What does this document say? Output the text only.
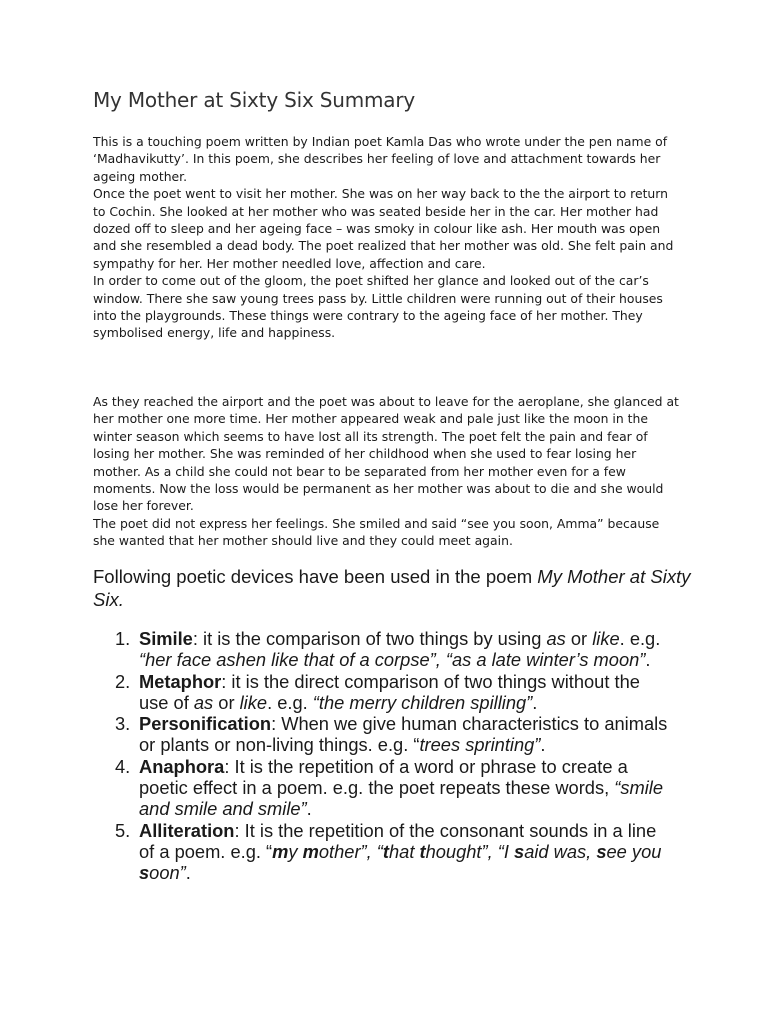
My Mother at Sixty Six Summary

This is a touching poem written by Indian poet Kamla Das who wrote under the pen name of ‘Madhavikutty’. In this poem, she describes her feeling of love and attachment towards her ageing mother.

Once the poet went to visit her mother. She was on her way back to the the airport to return to Cochin. She looked at her mother who was seated beside her in the car. Her mother had dozed off to sleep and her ageing face – was smoky in colour like ash. Her mouth was open and she resembled a dead body. The poet realized that her mother was old. She felt pain and sympathy for her. Her mother needled love, affection and care.

In order to come out of the gloom, the poet shifted her glance and looked out of the car’s window. There she saw young trees pass by. Little children were running out of their houses into the playgrounds. These things were contrary to the ageing face of her mother. They symbolised energy, life and happiness.

As they reached the airport and the poet was about to leave for the aeroplane, she glanced at her mother one more time. Her mother appeared weak and pale just like the moon in the winter season which seems to have lost all its strength. The poet felt the pain and fear of losing her mother. She was reminded of her childhood when she used to fear losing her mother. As a child she could not bear to be separated from her mother even for a few moments. Now the loss would be permanent as her mother was about to die and she would lose her forever.

The poet did not express her feelings. She smiled and said “see you soon, Amma” because she wanted that her mother should live and they could meet again.

Following poetic devices have been used in the poem My Mother at Sixty Six.

1. Simile: it is the comparison of two things by using as or like. e.g. “her face ashen like that of a corpse”, “as a late winter’s moon”.
2. Metaphor: it is the direct comparison of two things without the use of as or like. e.g. “the merry children spilling”.
3. Personification: When we give human characteristics to animals or plants or non-living things. e.g. “trees sprinting”.
4. Anaphora: It is the repetition of a word or phrase to create a poetic effect in a poem. e.g. the poet repeats these words, “smile and smile and smile”.
5. Alliteration: It is the repetition of the consonant sounds in a line of a poem. e.g. “my mother”, “that thought”, “I said was, see you soon”.
